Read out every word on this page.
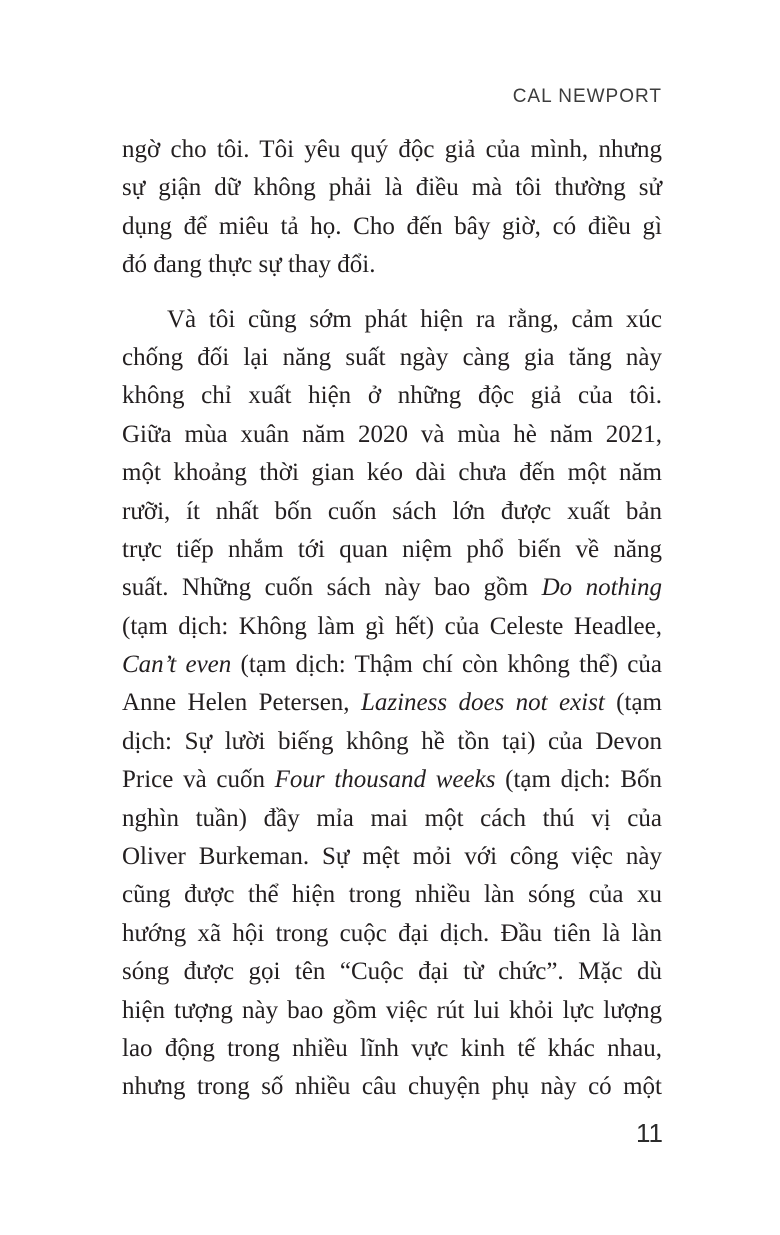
CAL NEWPORT
ngờ cho tôi. Tôi yêu quý độc giả của mình, nhưng
sự giận dữ không phải là điều mà tôi thường sử
dụng để miêu tả họ. Cho đến bây giờ, có điều gì
đó đang thực sự thay đổi.
Và tôi cũng sớm phát hiện ra rằng, cảm xúc
chống đối lại năng suất ngày càng gia tăng này
không chỉ xuất hiện ở những độc giả của tôi.
Giữa mùa xuân năm 2020 và mùa hè năm 2021,
một khoảng thời gian kéo dài chưa đến một năm
rưỡi, ít nhất bốn cuốn sách lớn được xuất bản
trực tiếp nhắm tới quan niệm phổ biến về năng
suất. Những cuốn sách này bao gồm Do nothing
(tạm dịch: Không làm gì hết) của Celeste Headlee,
Can’t even (tạm dịch: Thậm chí còn không thể) của
Anne Helen Petersen, Laziness does not exist (tạm
dịch: Sự lười biếng không hề tồn tại) của Devon
Price và cuốn Four thousand weeks (tạm dịch: Bốn
nghìn tuần) đầy mỉa mai một cách thú vị của
Oliver Burkeman. Sự mệt mỏi với công việc này
cũng được thể hiện trong nhiều làn sóng của xu
hướng xã hội trong cuộc đại dịch. Đầu tiên là làn
sóng được gọi tên “Cuộc đại từ chức”. Mặc dù
hiện tượng này bao gồm việc rút lui khỏi lực lượng
lao động trong nhiều lĩnh vực kinh tế khác nhau,
nhưng trong số nhiều câu chuyện phụ này có một
11
